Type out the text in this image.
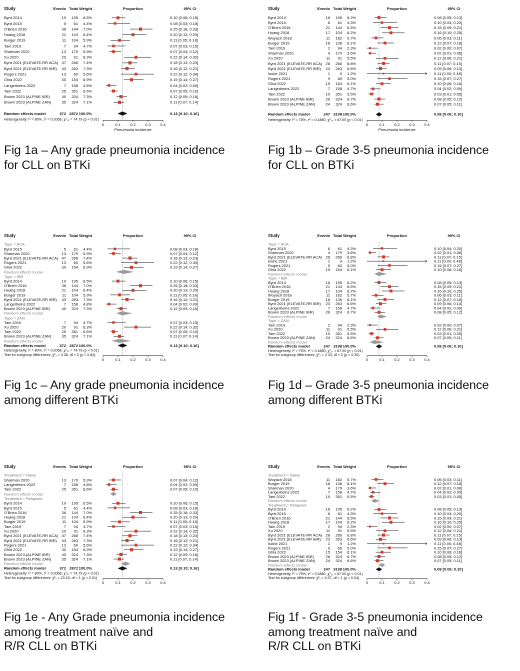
Study	Events Total Weight	Proportion	95% CI
Byrd 2014	19 195 6.5%	0.10 [0.06; 0.15]
Byrd 2015	5 61 4.4%	0.08 [0.03; 0.18]
O'Brien 2016	36 144 7.0%	0.25 [0.18; 0.33]
Huang 2018	21 104 6.4%	0.20 [0.13; 0.29]
Burger 2019	11 104 5.9%	0.11 [0.05; 0.18]
Tam 2019	7 94 4.7%	0.07 [0.03; 0.15]
Sharman 2020	13 179 5.9%	0.07 [0.04; 0.12]
Xu 2020	20 91 6.3%	0.22 [0.14; 0.32]
Byrd 2021 (ELEVATE-RR ACA) 47 266 7.4%	0.18 [0.13; 0.23]
Byrd 2021 (ELEVATE-RR IBR) 43 263 7.3%	0.16 [0.12; 0.21]
Rogers 2021	13 60 5.6%	0.22 [0.12; 0.34]
Ghia 2022	30 154 6.9%	0.19 [0.14; 0.27]
Langerbeins 2022	7 158 4.8%	0.04 [0.02; 0.09]
Tam 2022	25 351 6.6%	0.07 [0.05; 0.10]
Brown 2023 (ALPINE IBR)	40 324 7.3%	0.12 [0.09; 0.16]
Brown 2023 (ALPINE ZAN)	35 324 7.1%	0.11 [0.07; 0.14]
Random effects model	372 2872 100.0%	0.13 [0.10; 0.16]
Heterogeneity: I² = 80%, τ² = 0.2068, χ²₁₅ = 74.79 (p < 0.01)
0	0.1 0.2 0.3 0.4
Pneumonia incidence
Fig 1a – Any grade pneumonia incidence
for CLL on BTKi
Study	Events Total Weight	Proportion	95% CI
Byrd 2014	16 195 6.2%	0.08 [0.05; 0.13]
Byrd 2015	6 61 4.3%	0.10 [0.04; 0.20]
O'Brien 2016	21 144 6.5%	0.15 [0.09; 0.21]
Huang 2018	17 104 6.2%	0.16 [0.10; 0.25]
Woyach 2018	11 182 5.7%	0.06 [0.03; 0.11]
Burger 2019	16 136 6.1%	0.12 [0.07; 0.18]
Tam 2019	2 94 2.3%	0.02 [0.00; 0.07]
Sharman 2020	4 179 3.6%	0.02 [0.01; 0.06]
Xu 2020	11 91 5.5%	0.12 [0.06; 0.21]
Byrd 2021 (ELEVATE-RR ACA) 28 266 6.8%	0.11 [0.07; 0.15]
Byrd 2021 (ELEVATE-RR IBR) 23 263 6.6%	0.09 [0.06; 0.13]
Isobe 2021	1	9 1.2%	0.11 [0.00; 0.48]
Rogers 2021	9 60 5.0%	0.15 [0.07; 0.27]
Ghia 2022	15 154 6.1%	0.10 [0.06; 0.16]
Langerbeins 2022	7 158 4.7%	0.04 [0.02; 0.09]
Tam 2022	10 351 5.5%	0.03 [0.01; 0.05]
Brown 2023 (ALPINE IBR)	26 324 6.7%	0.08 [0.05; 0.12]
Brown 2023 (ALPINE ZAN)	24 324 6.6%	0.07 [0.05; 0.11]
Random effects model	247 3198 100.0%	0.08 [0.06; 0.10]
Heterogeneity: I² = 75%, τ² = 0.1880, χ²₁₇ = 67.00 (p < 0.01)
0	0.1 0.2 0.3 0.4
Pneumonia incidence
Fig 1b – Grade 3-5 pneumonia incidence
for CLL on BTKi
Study	Events Total Weight	Proportion	95% CI
Type = ACA
Byrd 2015	5 61 4.4%	0.08 [0.03; 0.18]
Sharman 2020	13 179 5.9%	0.07 [0.04; 0.12]
Byrd 2021 (ELEVATE-RR ACA) 47 266 7.4%	0.18 [0.13; 0.23]
Rogers 2021	13 60 5.6%	0.22 [0.12; 0.34]
Ghia 2022	30 154 6.9%	0.19 [0.14; 0.27]
Random effects model
Type = IBR
Byrd 2014	19 195 6.5%	0.10 [0.06; 0.15]
O'Brien 2016	36 144 7.0%	0.25 [0.18; 0.33]
Huang 2018	21 104 6.4%	0.20 [0.13; 0.29]
Burger 2019	11 104 5.9%	0.11 [0.05; 0.18]
Byrd 2021 (ELEVATE-RR IBR) 43 263 7.3%	0.16 [0.12; 0.21]
Langerbeins 2022	7 158 4.8%	0.04 [0.02; 0.09]
Brown 2023 (ALPINE IBR)	40 324 7.3%	0.12 [0.09; 0.16]
Random effects model
Type = ZAN
Tam 2019	7 94 4.7%	0.07 [0.03; 0.15]
Xu 2020	20 91 6.3%	0.22 [0.14; 0.32]
Tam 2022	25 351 6.6%	0.07 [0.05; 0.10]
Brown 2023 (ALPINE ZAN)	35 324 7.1%	0.11 [0.07; 0.14]
Random effects model
Random effects model	372 2872 100.0%	0.13 [0.10; 0.16]
Heterogeneity: I² = 80%, τ² = 0.2068, χ²₁₅ = 74.79 (p < 0.01)
Test for subgroup differences: χ²₂ = 0.36, df = 2 (p = 0.84)
0	0.1 0.2 0.3 0.4
Fig 1c – Any grade pneumonia incidence
among different BTKi
Study	Events Total Weight	Proportion	95% CI
Type = ACA
Byrd 2015	6 61 4.3%	0.10 [0.04; 0.20]
Sharman 2020	4 179 3.6%	0.02 [0.01; 0.06]
Byrd 2021 (ELEVATE-RR ACA) 28 266 6.8%	0.11 [0.07; 0.15]
Isobe 2021	1	9 1.2%	0.11 [0.00; 0.48]
Rogers 2021	9 60 5.0%	0.15 [0.07; 0.27]
Ghia 2022	15 154 6.1%	0.10 [0.06; 0.16]
Random effects model
Type = IBR
Byrd 2014	16 195 6.2%	0.08 [0.05; 0.13]
O'Brien 2016	21 144 6.5%	0.15 [0.09; 0.21]
Huang 2018	17 104 6.2%	0.16 [0.10; 0.25]
Woyach 2018	11 182 5.7%	0.06 [0.03; 0.11]
Burger 2019	16 136 6.1%	0.12 [0.07; 0.18]
Byrd 2021 (ELEVATE-RR IBR) 23 263 6.6%	0.09 [0.06; 0.13]
Langerbeins 2022	7 158 4.7%	0.04 [0.02; 0.09]
Brown 2023 (ALPINE IBR)	26 324 6.7%	0.08 [0.05; 0.12]
Random effects model
Type = ZAN
Tam 2019	2 94 2.3%	0.02 [0.00; 0.07]
Xu 2020	11 91 5.5%	0.12 [0.06; 0.21]
Tam 2022	10 351 5.5%	0.03 [0.01; 0.05]
Brown 2023 (ALPINE ZAN)	24 324 6.6%	0.07 [0.05; 0.11]
Random effects model
Random effects model	247 3198 100.0%	0.08 [0.06; 0.10]
Heterogeneity: I² = 75%, τ² = 0.1880, χ²₁₇ = 67.00 (p < 0.01)
Test for subgroup differences: χ²₂ = 2.43, df = 2 (p = 0.30)
0	0.1 0.2 0.3 0.4
Fig 1d – Grade 3-5 pneumonia incidence
among different BTKi
Study	Events Total Weight	Proportion	95% CI
Treatment = Naive
Sharman 2020	13 179 5.9%	0.07 [0.04; 0.12]
Langerbeins 2022	7 158 4.8%	0.04 [0.02; 0.09]
Tam 2022	25 351 6.6%	0.07 [0.05; 0.10]
Random effects model
Treatment = Relapsed
Byrd 2014	19 195 6.5%	0.10 [0.06; 0.15]
Byrd 2015	5 61 4.4%	0.08 [0.03; 0.18]
O'Brien 2016	36 144 7.0%	0.25 [0.18; 0.33]
Huang 2018	21 104 6.4%	0.20 [0.13; 0.29]
Burger 2019	11 104 5.9%	0.11 [0.05; 0.18]
Tam 2019	7 94 4.7%	0.07 [0.03; 0.15]
Xu 2020	20 91 6.3%	0.22 [0.14; 0.32]
Byrd 2021 (ELEVATE-RR ACA) 47 266 7.4%	0.18 [0.13; 0.23]
Byrd 2021 (ELEVATE-RR IBR) 43 263 7.3%	0.16 [0.12; 0.21]
Rogers 2021	13 60 5.6%	0.22 [0.12; 0.34]
Ghia 2022	30 154 6.9%	0.19 [0.14; 0.27]
Brown 2023 (ALPINE IBR)	40 324 7.3%	0.12 [0.09; 0.16]
Brown 2023 (ALPINE ZAN)	35 324 7.1%	0.11 [0.07; 0.14]
Random effects model
Random effects model	372 2872 100.0%	0.13 [0.10; 0.16]
Heterogeneity: I² = 80%, τ² = 0.2068, χ²₁₅ = 74.79 (p < 0.01)
Test for subgroup differences: χ²₁ = 23.18, df = 1 (p < 0.01)
0	0.1 0.2 0.3 0.4
Fig 1e - Any Grade pneumonia incidence
among treatment naïve and
R/R CLL on BTKi
Study	Events Total Weight	Proportion	95% CI
Treatment = Naive
Woyach 2018	11 182 5.7%	0.06 [0.03; 0.11]
Burger 2019	16 136 6.1%	0.12 [0.07; 0.18]
Sharman 2020	4 179 3.6%	0.02 [0.01; 0.06]
Langerbeins 2022	7 158 4.7%	0.04 [0.02; 0.09]
Tam 2022	10 351 5.5%	0.03 [0.01; 0.05]
Random effects model
Treatment = Relapsed
Byrd 2014	16 195 6.2%	0.08 [0.05; 0.13]
Byrd 2015	6 61 4.3%	0.10 [0.04; 0.20]
O'Brien 2016	21 144 6.5%	0.15 [0.09; 0.21]
Huang 2018	17 104 6.2%	0.16 [0.10; 0.25]
Tam 2019	2 94 2.3%	0.02 [0.00; 0.07]
Xu 2020	11 91 5.5%	0.12 [0.06; 0.21]
Byrd 2021 (ELEVATE-RR ACA) 28 266 6.8%	0.11 [0.07; 0.15]
Byrd 2021 (ELEVATE-RR IBR) 23 263 6.6%	0.09 [0.06; 0.13]
Isobe 2021	1	9 1.2%	0.11 [0.00; 0.48]
Rogers 2021	9 60 5.0%	0.15 [0.07; 0.27]
Ghia 2022	15 154 6.1%	0.10 [0.06; 0.16]
Brown 2023 (ALPINE IBR)	26 324 6.7%	0.08 [0.05; 0.12]
Brown 2023 (ALPINE ZAN)	24 324 6.6%	0.07 [0.05; 0.11]
Random effects model
Random effects model	247 3198 100.0%	0.08 [0.06; 0.10]
Heterogeneity: I² = 75%, τ² = 0.1880, χ²₁₇ = 67.00 (p < 0.01)
Test for subgroup differences: χ²₁ = 4.37, df = 1 (p = 0.04)
0	0.1 0.2 0.3 0.4
Fig 1f - Grade 3-5 pneumonia incidence
among treatment naïve and
R/R CLL on BTKi
